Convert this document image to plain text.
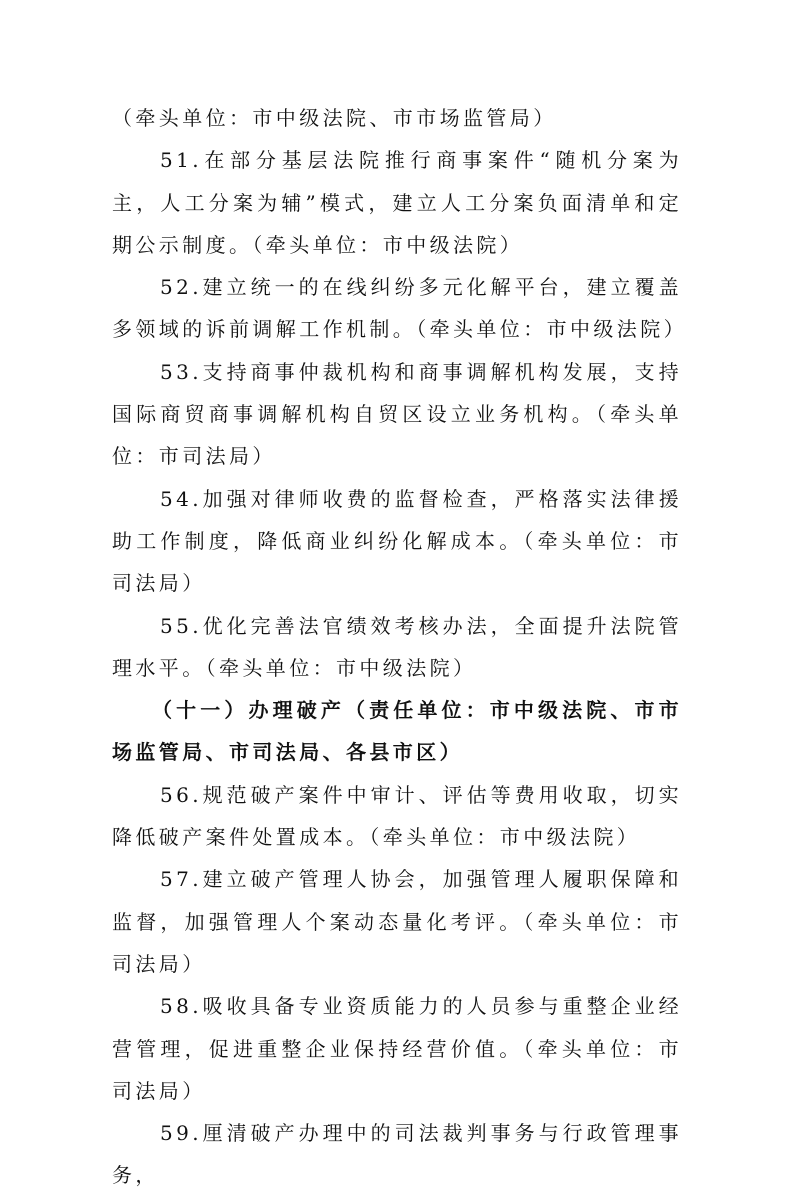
（牵头单位：市中级法院、市市场监管局）

51.在部分基层法院推行商事案件“随机分案为主，人工分案为辅”模式，建立人工分案负面清单和定期公示制度。（牵头单位：市中级法院）

52.建立统一的在线纠纷多元化解平台，建立覆盖多领域的诉前调解工作机制。（牵头单位：市中级法院）

53.支持商事仲裁机构和商事调解机构发展，支持国际商贸商事调解机构自贸区设立业务机构。（牵头单位：市司法局）

54.加强对律师收费的监督检查，严格落实法律援助工作制度，降低商业纠纷化解成本。（牵头单位：市司法局）

55.优化完善法官绩效考核办法，全面提升法院管理水平。（牵头单位：市中级法院）

（十一）办理破产（责任单位：市中级法院、市市场监管局、市司法局、各县市区）

56.规范破产案件中审计、评估等费用收取，切实降低破产案件处置成本。（牵头单位：市中级法院）

57.建立破产管理人协会，加强管理人履职保障和监督，加强管理人个案动态量化考评。（牵头单位：市司法局）

58.吸收具备专业资质能力的人员参与重整企业经营管理，促进重整企业保持经营价值。（牵头单位：市司法局）

59.厘清破产办理中的司法裁判事务与行政管理事务，
